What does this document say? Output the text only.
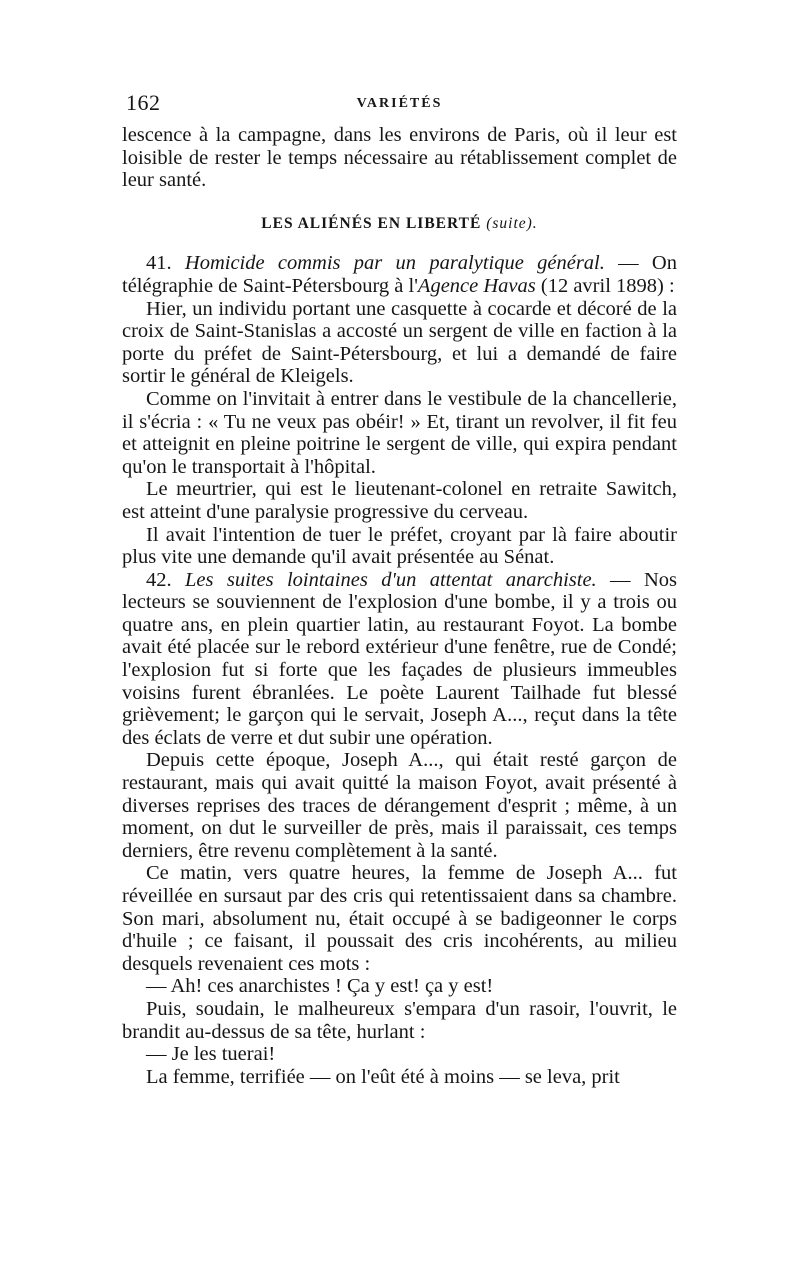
162	VARIÉTÉS

lescence à la campagne, dans les environs de Paris, où il leur est loisible de rester le temps nécessaire au rétablissement complet de leur santé.

LES ALIÉNÉS EN LIBERTÉ (suite).

41. Homicide commis par un paralytique général. — On télégraphie de Saint-Pétersbourg à l'Agence Havas (12 avril 1898) :

Hier, un individu portant une casquette à cocarde et décoré de la croix de Saint-Stanislas a accosté un sergent de ville en faction à la porte du préfet de Saint-Pétersbourg, et lui a demandé de faire sortir le général de Kleigels.

Comme on l'invitait à entrer dans le vestibule de la chancellerie, il s'écria : « Tu ne veux pas obéir! » Et, tirant un revolver, il fit feu et atteignit en pleine poitrine le sergent de ville, qui expira pendant qu'on le transportait à l'hôpital.

Le meurtrier, qui est le lieutenant-colonel en retraite Sawitch, est atteint d'une paralysie progressive du cerveau.

Il avait l'intention de tuer le préfet, croyant par là faire aboutir plus vite une demande qu'il avait présentée au Sénat.

42. Les suites lointaines d'un attentat anarchiste. — Nos lecteurs se souviennent de l'explosion d'une bombe, il y a trois ou quatre ans, en plein quartier latin, au restaurant Foyot. La bombe avait été placée sur le rebord extérieur d'une fenêtre, rue de Condé; l'explosion fut si forte que les façades de plusieurs immeubles voisins furent ébranlées. Le poète Laurent Tailhade fut blessé grièvement; le garçon qui le servait, Joseph A..., reçut dans la tête des éclats de verre et dut subir une opération.

Depuis cette époque, Joseph A..., qui était resté garçon de restaurant, mais qui avait quitté la maison Foyot, avait présenté à diverses reprises des traces de dérangement d'esprit ; même, à un moment, on dut le surveiller de près, mais il paraissait, ces temps derniers, être revenu complètement à la santé.

Ce matin, vers quatre heures, la femme de Joseph A... fut réveillée en sursaut par des cris qui retentissaient dans sa chambre. Son mari, absolument nu, était occupé à se badigeonner le corps d'huile ; ce faisant, il poussait des cris incohérents, au milieu desquels revenaient ces mots :

— Ah! ces anarchistes ! Ça y est! ça y est!

Puis, soudain, le malheureux s'empara d'un rasoir, l'ouvrit, le brandit au-dessus de sa tête, hurlant :

— Je les tuerai!

La femme, terrifiée — on l'eût été à moins — se leva, prit
